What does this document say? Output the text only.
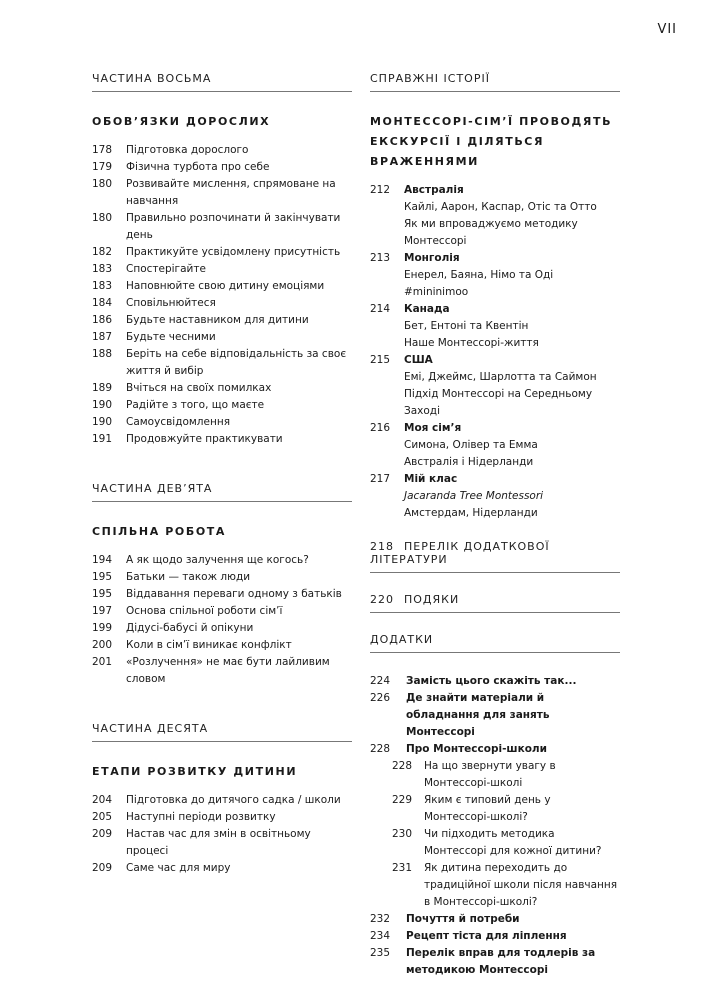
VII
ЧАСТИНА ВОСЬМА
ОБОВ’ЯЗКИ ДОРОСЛИХ
178	Підготовка дорослого
179	Фізична турбота про себе
180	Розвивайте мислення, спрямоване на навчання
180	Правильно розпочинати й закінчувати день
182	Практикуйте усвідомлену присутність
183	Спостерігайте
183	Наповнюйте свою дитину емоціями
184	Сповільнюйтеся
186	Будьте наставником для дитини
187	Будьте чесними
188	Беріть на себе відповідальність за своє життя й вибір
189	Вчіться на своїх помилках
190	Радійте з того, що маєте
190	Самоусвідомлення
191	Продовжуйте практикувати
ЧАСТИНА ДЕВ’ЯТА
СПІЛЬНА РОБОТА
194	А як щодо залучення ще когось?
195	Батьки — також люди
195	Віддавання переваги одному з батьків
197	Основа спільної роботи сім’ї
199	Дідусі-бабусі й опікуни
200	Коли в сім’ї виникає конфлікт
201	«Розлучення» не має бути лайливим словом
ЧАСТИНА ДЕСЯТА
ЕТАПИ РОЗВИТКУ ДИТИНИ
204	Підготовка до дитячого садка / школи
205	Наступні періоди розвитку
209	Настав час для змін в освітньому процесі
209	Саме час для миру
СПРАВЖНІ ІСТОРІЇ
МОНТЕССОРІ-СІМ’Ї ПРОВОДЯТЬ ЕКСКУРСІЇ І ДІЛЯТЬСЯ ВРАЖЕННЯМИ
212	Австралія
Кайлі, Аарон, Каспар, Отіс та Отто
Як ми впроваджуємо методику Монтессорі
213	Монголія
Енерел, Баяна, Німо та Оді
#mininimoo
214	Канада
Бет, Ентоні та Квентін
Наше Монтессорі-життя
215	США
Емі, Джеймс, Шарлотта та Саймон
Підхід Монтессорі на Середньому Заході
216	Моя сім’я
Симона, Олівер та Емма
Австралія і Нідерланди
217	Мій клас
Jacaranda Tree Montessori
Амстердам, Нідерланди
218 ПЕРЕЛІК ДОДАТКОВОЇ ЛІТЕРАТУРИ
220 ПОДЯКИ
ДОДАТКИ
224	Замість цього скажіть так...
226	Де знайти матеріали й обладнання для занять Монтессорі
228	Про Монтессорі-школи
228	На що звернути увагу в Монтессорі-школі
229	Яким є типовий день у Монтессорі-школі?
230	Чи підходить методика Монтессорі для кожної дитини?
231	Як дитина переходить до традиційної школи після навчання в Монтессорі-школі?
232	Почуття й потреби
234	Рецепт тіста для ліплення
235	Перелік вправ для тодлерів за методикою Монтессорі
